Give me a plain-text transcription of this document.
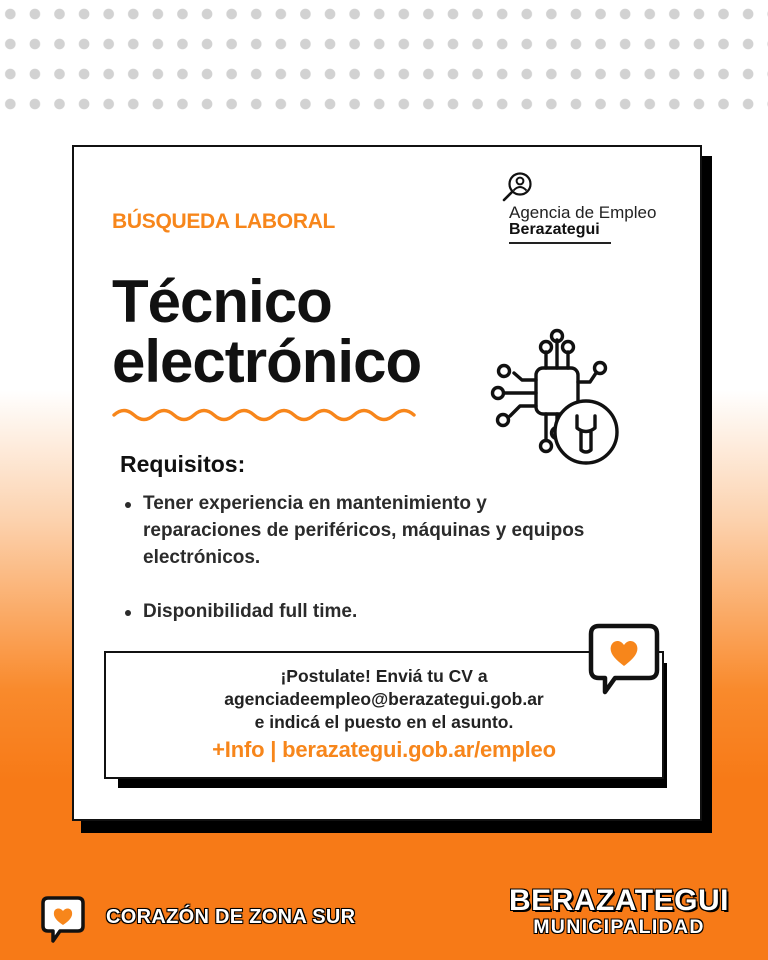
BÚSQUEDA LABORAL	Agencia de Empleo
Berazategui
Técnico
electrónico
Requisitos:
Tener experiencia en mantenimiento y reparaciones de periféricos, máquinas y equipos electrónicos.
Disponibilidad full time.
¡Postulate! Enviá tu CV a
agenciadeempleo@berazategui.gob.ar
e indicá el puesto en el asunto.
+Info | berazategui.gob.ar/empleo
CORAZÓN DE ZONA SUR	BERAZATEGUI
MUNICIPALIDAD
